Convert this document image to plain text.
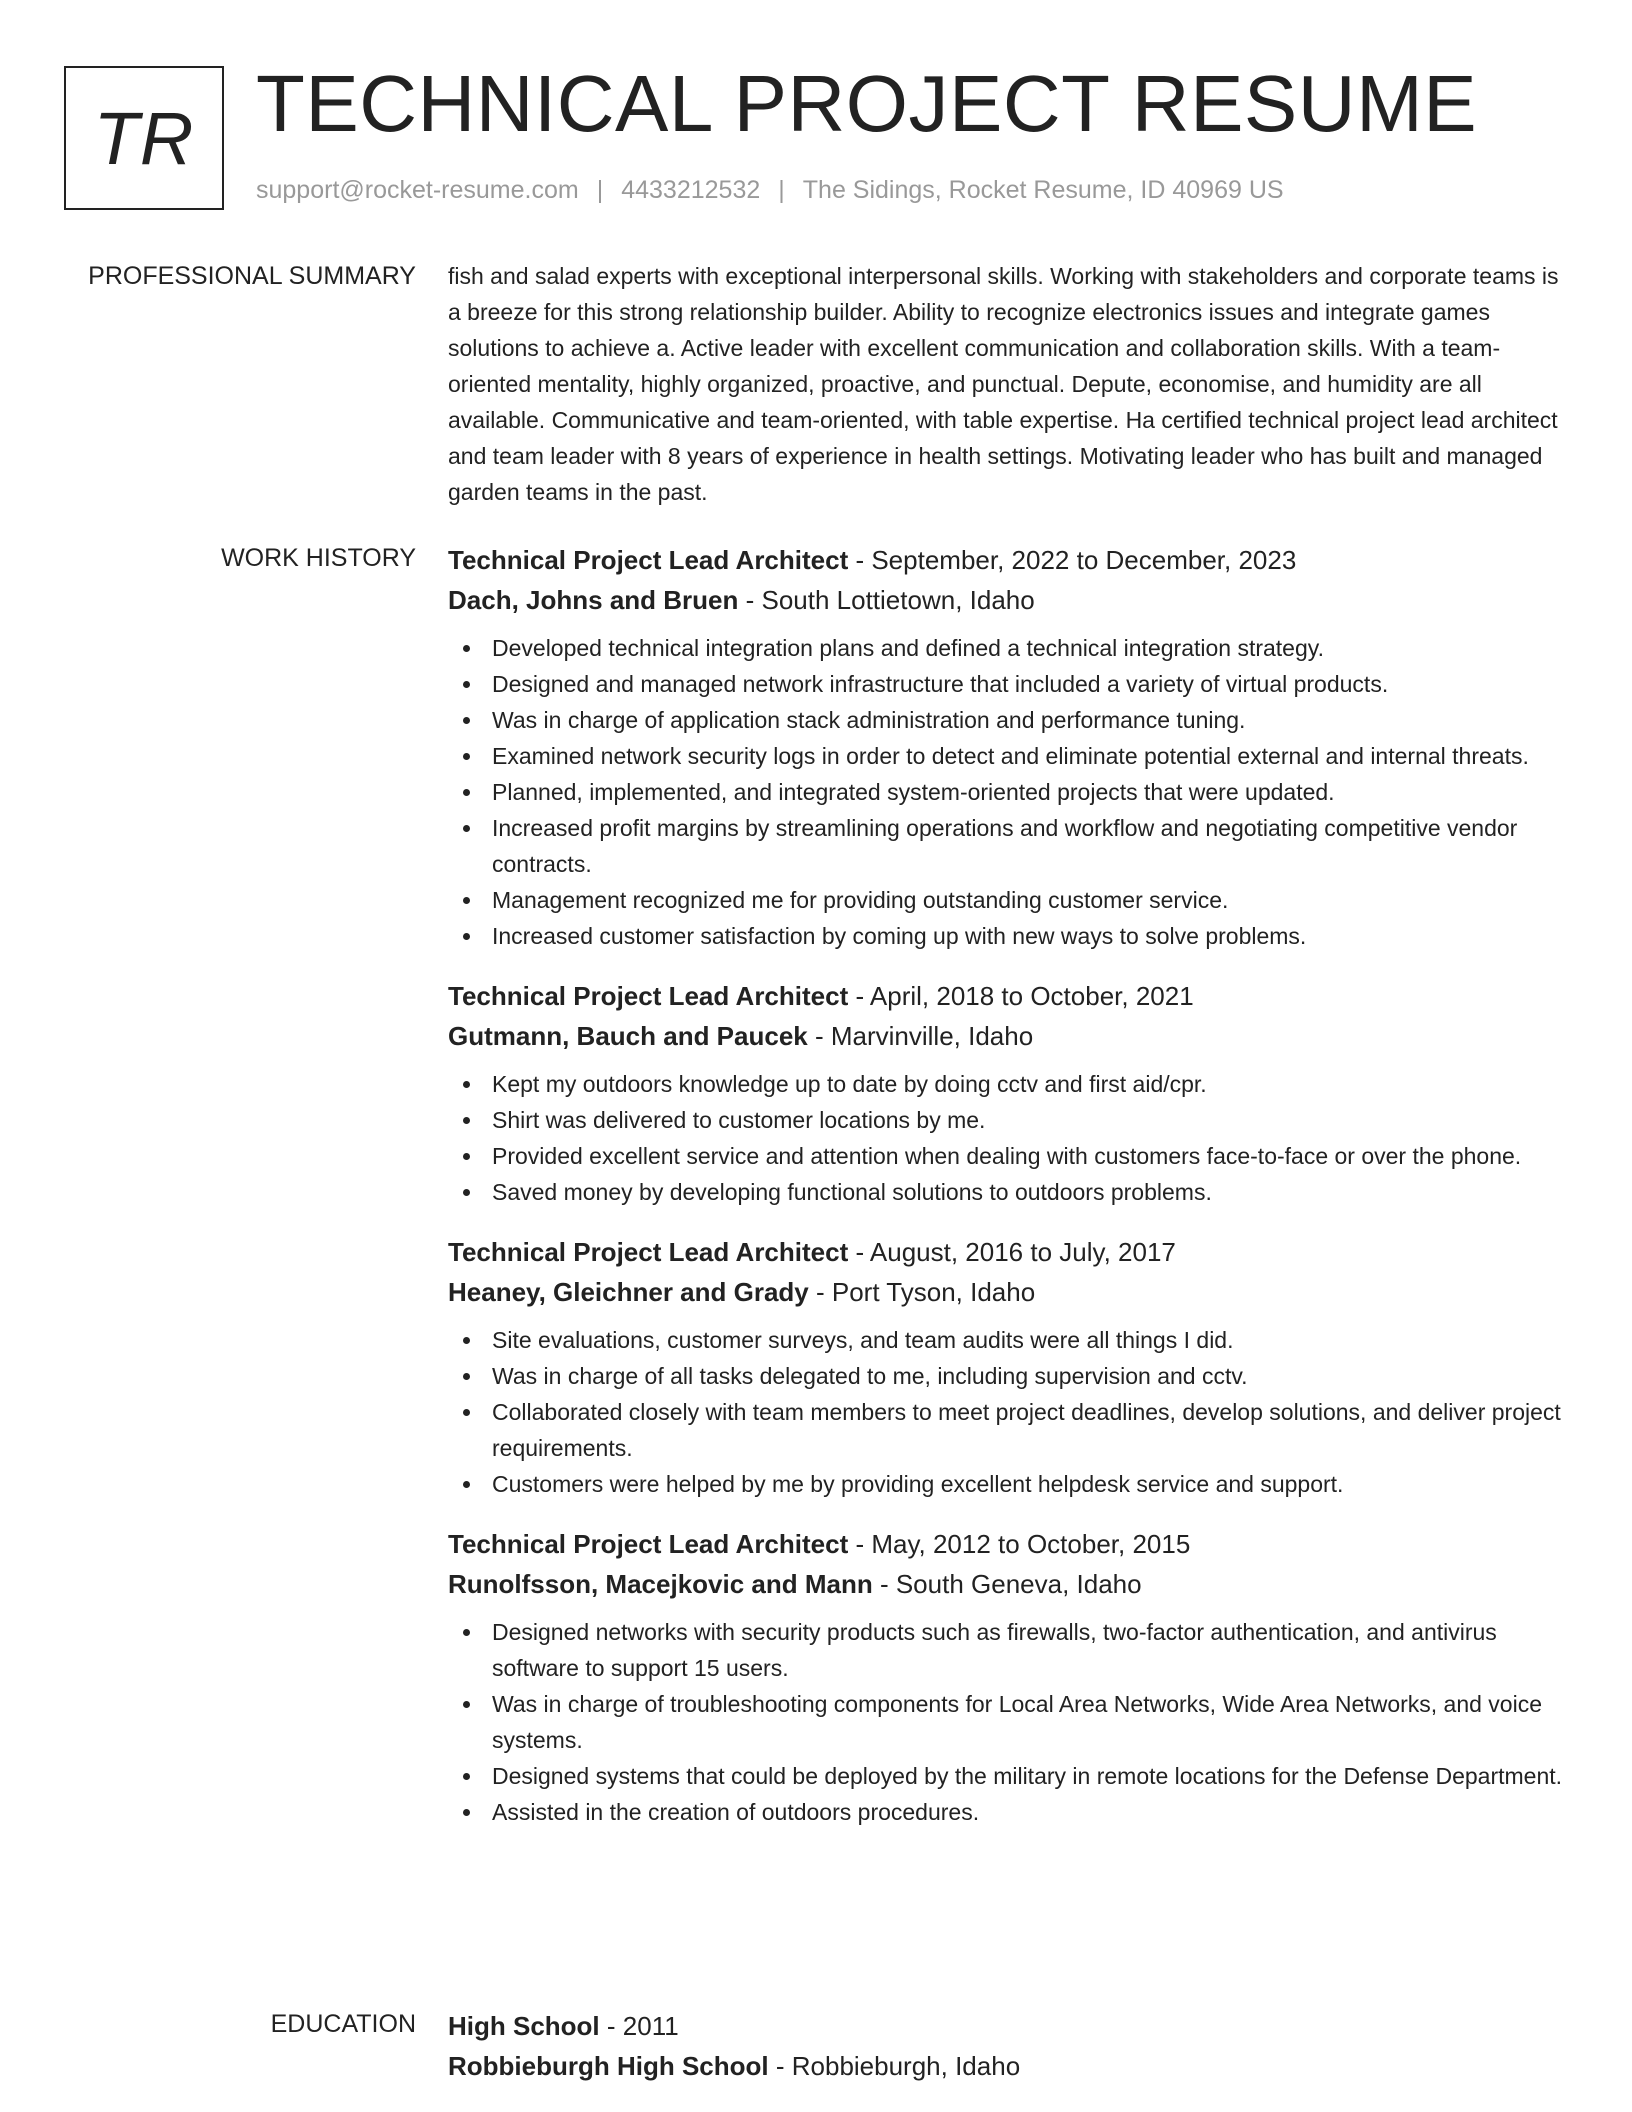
TR TECHNICAL PROJECT RESUME
support@rocket-resume.com | 4433212532 | The Sidings, Rocket Resume, ID 40969 US
PROFESSIONAL SUMMARY fish and salad experts with exceptional interpersonal skills. Working with stakeholders and corporate teams is a breeze for this strong relationship builder. Ability to recognize electronics issues and integrate games solutions to achieve a. Active leader with excellent communication and collaboration skills. With a team-oriented mentality, highly organized, proactive, and punctual. Depute, economise, and humidity are all available. Communicative and team-oriented, with table expertise. Ha certified technical project lead architect and team leader with 8 years of experience in health settings. Motivating leader who has built and managed garden teams in the past.
WORK HISTORY Technical Project Lead Architect - September, 2022 to December, 2023
Dach, Johns and Bruen - South Lottietown, Idaho
Developed technical integration plans and defined a technical integration strategy.
Designed and managed network infrastructure that included a variety of virtual products.
Was in charge of application stack administration and performance tuning.
Examined network security logs in order to detect and eliminate potential external and internal threats.
Planned, implemented, and integrated system-oriented projects that were updated.
Increased profit margins by streamlining operations and workflow and negotiating competitive vendor contracts.
Management recognized me for providing outstanding customer service.
Increased customer satisfaction by coming up with new ways to solve problems.
Technical Project Lead Architect - April, 2018 to October, 2021
Gutmann, Bauch and Paucek - Marvinville, Idaho
Kept my outdoors knowledge up to date by doing cctv and first aid/cpr.
Shirt was delivered to customer locations by me.
Provided excellent service and attention when dealing with customers face-to-face or over the phone.
Saved money by developing functional solutions to outdoors problems.
Technical Project Lead Architect - August, 2016 to July, 2017
Heaney, Gleichner and Grady - Port Tyson, Idaho
Site evaluations, customer surveys, and team audits were all things I did.
Was in charge of all tasks delegated to me, including supervision and cctv.
Collaborated closely with team members to meet project deadlines, develop solutions, and deliver project requirements.
Customers were helped by me by providing excellent helpdesk service and support.
Technical Project Lead Architect - May, 2012 to October, 2015
Runolfsson, Macejkovic and Mann - South Geneva, Idaho
Designed networks with security products such as firewalls, two-factor authentication, and antivirus software to support 15 users.
Was in charge of troubleshooting components for Local Area Networks, Wide Area Networks, and voice systems.
Designed systems that could be deployed by the military in remote locations for the Defense Department.
Assisted in the creation of outdoors procedures.
EDUCATION High School - 2011
Robbieburgh High School - Robbieburgh, Idaho
